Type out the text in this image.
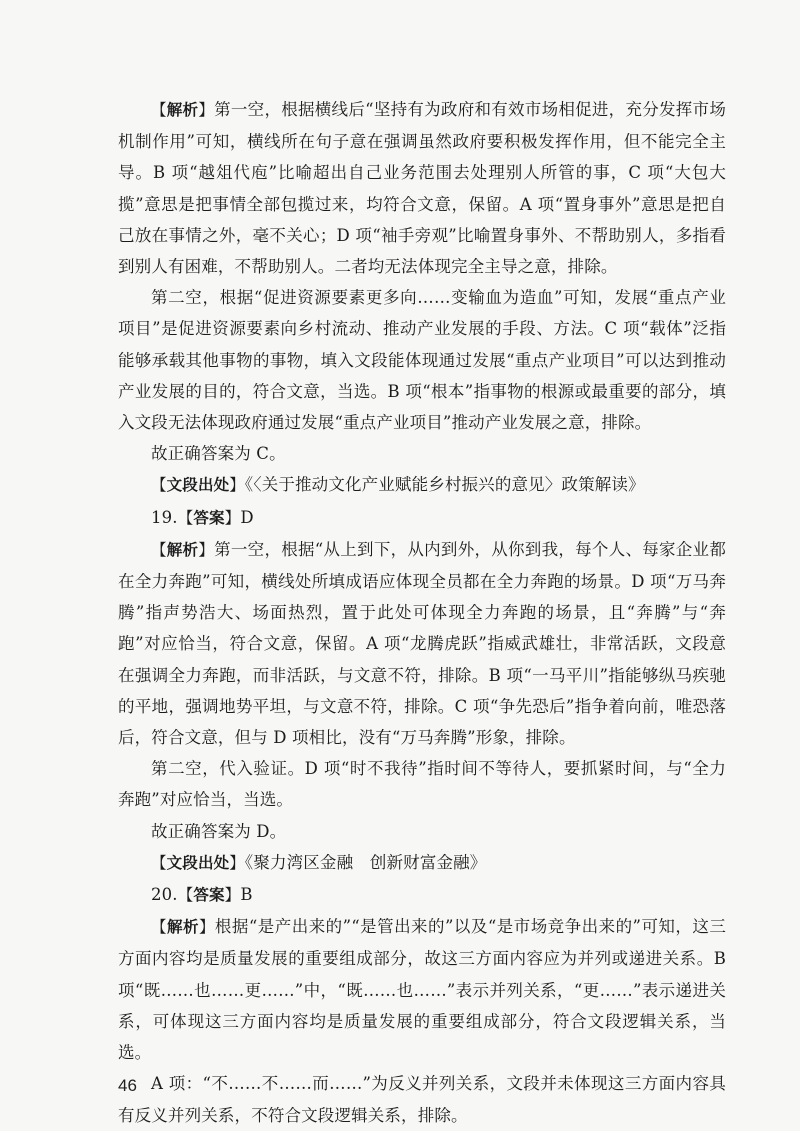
【解析】第一空，根据横线后“坚持有为政府和有效市场相促进，充分发挥市场机制作用”可知，横线所在句子意在强调虽然政府要积极发挥作用，但不能完全主导。B 项“越俎代庖”比喻超出自己业务范围去处理别人所管的事，C 项“大包大揽”意思是把事情全部包揽过来，均符合文意，保留。A 项“置身事外”意思是把自己放在事情之外，毫不关心；D 项“袖手旁观”比喻置身事外、不帮助别人，多指看到别人有困难，不帮助别人。二者均无法体现完全主导之意，排除。

第二空，根据“促进资源要素更多向……变输血为造血”可知，发展“重点产业项目”是促进资源要素向乡村流动、推动产业发展的手段、方法。C 项“载体”泛指能够承载其他事物的事物，填入文段能体现通过发展“重点产业项目”可以达到推动产业发展的目的，符合文意，当选。B 项“根本”指事物的根源或最重要的部分，填入文段无法体现政府通过发展“重点产业项目”推动产业发展之意，排除。

故正确答案为 C。

【文段出处】《〈关于推动文化产业赋能乡村振兴的意见〉政策解读》

19.【答案】D

【解析】第一空，根据“从上到下，从内到外，从你到我，每个人、每家企业都在全力奔跑”可知，横线处所填成语应体现全员都在全力奔跑的场景。D 项“万马奔腾”指声势浩大、场面热烈，置于此处可体现全力奔跑的场景，且“奔腾”与“奔跑”对应恰当，符合文意，保留。A 项“龙腾虎跃”指威武雄壮，非常活跃，文段意在强调全力奔跑，而非活跃，与文意不符，排除。B 项“一马平川”指能够纵马疾驰的平地，强调地势平坦，与文意不符，排除。C 项“争先恐后”指争着向前，唯恐落后，符合文意，但与 D 项相比，没有“万马奔腾”形象，排除。

第二空，代入验证。D 项“时不我待”指时间不等待人，要抓紧时间，与“全力奔跑”对应恰当，当选。

故正确答案为 D。

【文段出处】《聚力湾区金融　创新财富金融》

20.【答案】B

【解析】根据“是产出来的”“是管出来的”以及“是市场竞争出来的”可知，这三方面内容均是质量发展的重要组成部分，故这三方面内容应为并列或递进关系。B 项“既……也……更……”中，“既……也……”表示并列关系，“更……”表示递进关系，可体现这三方面内容均是质量发展的重要组成部分，符合文段逻辑关系，当选。

A 项：“不……不……而……”为反义并列关系，文段并未体现这三方面内容具有反义并列关系，不符合文段逻辑关系，排除。

46
